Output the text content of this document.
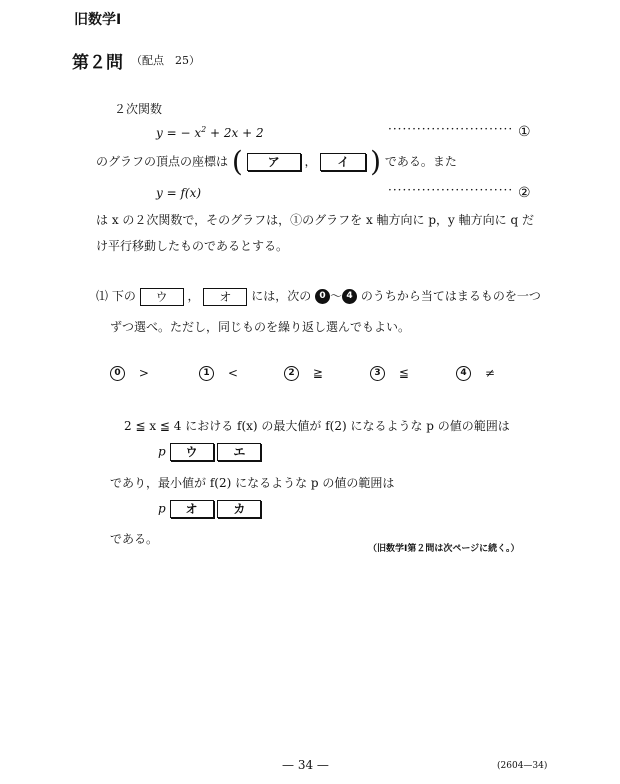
旧数学Ⅰ
第２問 （配点　25）
２次関数
y = − $x^2 + 2x + 2$	·························· ①
のグラフの頂点の座標は ( ア ， イ ) である。また
y = f(x)	·························· ②
は x の２次関数で，そのグラフは，①のグラフを x 軸方向に p，y 軸方向に q だ
け平行移動したものであるとする。
⑴ 下の ウ ， オ には，次の 0 ～ 4 のうちから当てはまるものを一つ
ずつ選べ。ただし，同じものを繰り返し選んでもよい。
0 >	1 <	2 ≧	3 ≦	4 ≠
2 ≦ x ≦ 4 における f(x) の最大値が f(2) になるような p の値の範囲は
p ウ	エ
であり，最小値が f(2) になるような p の値の範囲は
p オ	カ
である。
（旧数学Ⅰ第２問は次ページに続く。）
— 34 —	(2604—34)
